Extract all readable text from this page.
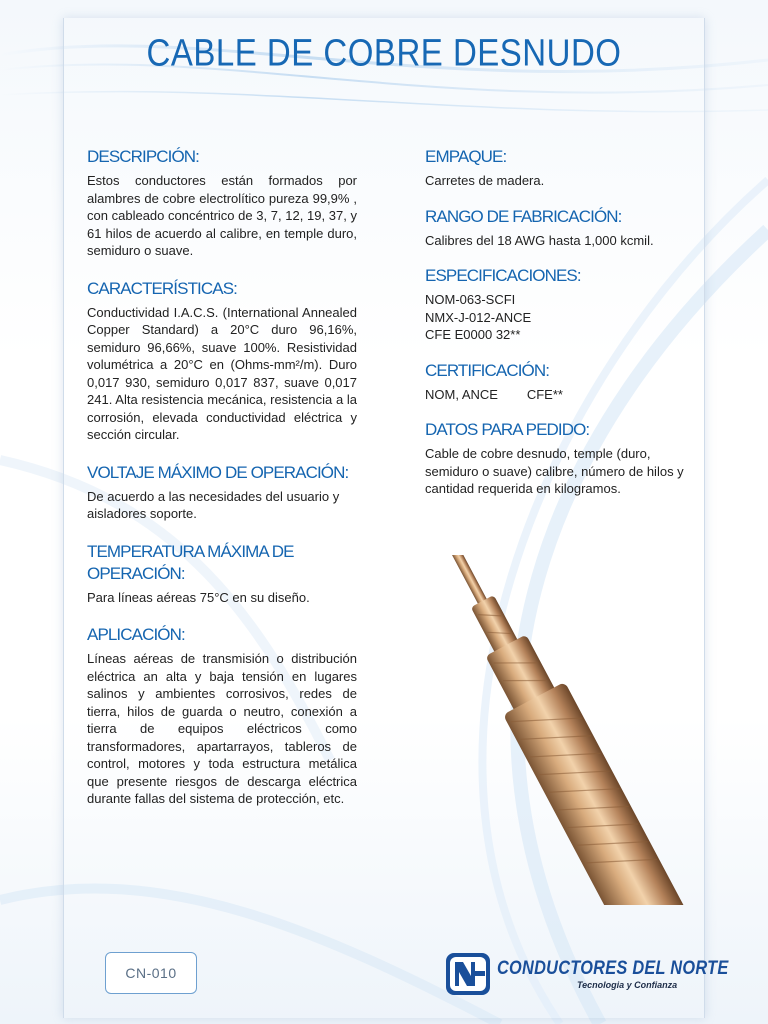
CABLE DE COBRE DESNUDO
DESCRIPCIÓN:

Estos conductores están formados por alambres de cobre electrolítico pureza 99,9% , con cableado concéntrico de 3, 7, 12, 19, 37, y 61 hilos de acuerdo al calibre, en temple duro, semiduro o suave.

CARACTERÍSTICAS:

Conductividad I.A.C.S. (International Annealed Copper Standard) a 20°C duro 96,16%, semiduro 96,66%, suave 100%. Resistividad volumétrica a 20°C en (Ohms-mm²/m). Duro 0,017 930, semiduro 0,017 837, suave 0,017 241. Alta resistencia mecánica, resistencia a la corrosión, elevada conductividad eléctrica y sección circular.

VOLTAJE MÁXIMO DE OPERACIÓN:

De acuerdo a las necesidades del usuario y aisladores soporte.

TEMPERATURA MÁXIMA DE OPERACIÓN:

Para líneas aéreas 75°C en su diseño.

APLICACIÓN:

Líneas aéreas de transmisión o distribución eléctrica an alta y baja tensión en lugares salinos y ambientes corrosivos, redes de tierra, hilos de guarda o neutro, conexión a tierra de equipos eléctricos como transformadores, apartarrayos, tableros de control, motores y toda estructura metálica que presente riesgos de descarga eléctrica durante fallas del sistema de protección, etc.

EMPAQUE:

Carretes de madera.

RANGO DE FABRICACIÓN:

Calibres del 18 AWG hasta 1,000 kcmil.

ESPECIFICACIONES:
NOM-063-SCFI
NMX-J-012-ANCE
CFE E0000 32**
CERTIFICACIÓN:

NOM, ANCE        CFE**

DATOS PARA PEDIDO:

Cable de cobre desnudo, temple (duro, semiduro o suave) calibre, número de hilos y cantidad requerida en kilogramos.

CN-010	CONDUCTORES DEL NORTE
Tecnologia y Confianza
